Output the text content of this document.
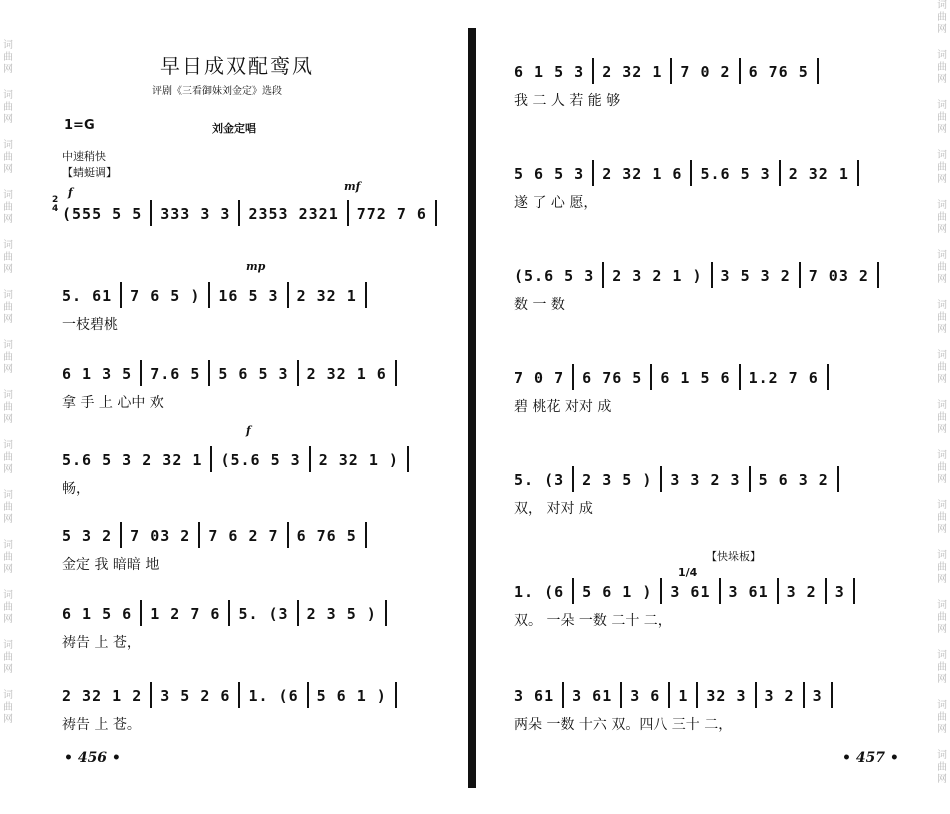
早日成双配鸾凤
评剧《三看御妹刘金定》选段
1=G	刘金定唱
中速稍快
【蜻蜓调】
2
4
f	mf
mp
f
(555 5 5333 3 32353 2321772 7 6
5. 617 6 5 )16 5 32 32 1
一枝碧桃
6 1 3 57.6 55 6 5 32 32 1 6
拿 手 上 心中 欢
5.6 5 3 2 32 1(5.6 5 32 32 1 )
畅，
5 3 27 03 27 6 2 76 76 5
金定 我 暗暗 地
6 1 5 61 2 7 65. (32 3 5 )
祷告 上 苍，
2 32 1 23 5 2 61. (65 6 1 )
祷告 上 苍。
• 456 •
6 1 5 32 32 17 0 26 76 5
我 二 人 若 能 够
5 6 5 32 32 1 65.6 5 32 32 1
遂 了 心 愿，
(5.6 5 32 3 2 1 )3 5 3 27 03 2
数 一 数
7 0 76 76 56 1 5 61.2 7 6
碧 桃花 对对 成
5. (32 3 5 )3 3 2 35 6 3 2
双， 对对 成
【快垛板】
1/4
1. (65 6 1 )3 613 613 23
双。 一朵 一数 二十 二，
3 613 613 6132 33 23
两朵 一数 十六 双。四八 三十 二，
• 457 •
词
曲
网
词
曲
网
词
曲
网
词
曲
网
词
曲
网
词
曲
网
词
曲
网
词
曲
网
词
曲
网
词
曲
网
词
曲
网
词
曲
网
词
曲
网
词
曲
网
词
曲
网
词
曲
网
词
曲
网
词
曲
网
词
曲
网
词
曲
网
词
曲
网
词
曲
网
词
曲
网
词
曲
网
词
曲
网
词
曲
网
词
曲
网
词
曲
网
词
曲
网
词
曲
网
